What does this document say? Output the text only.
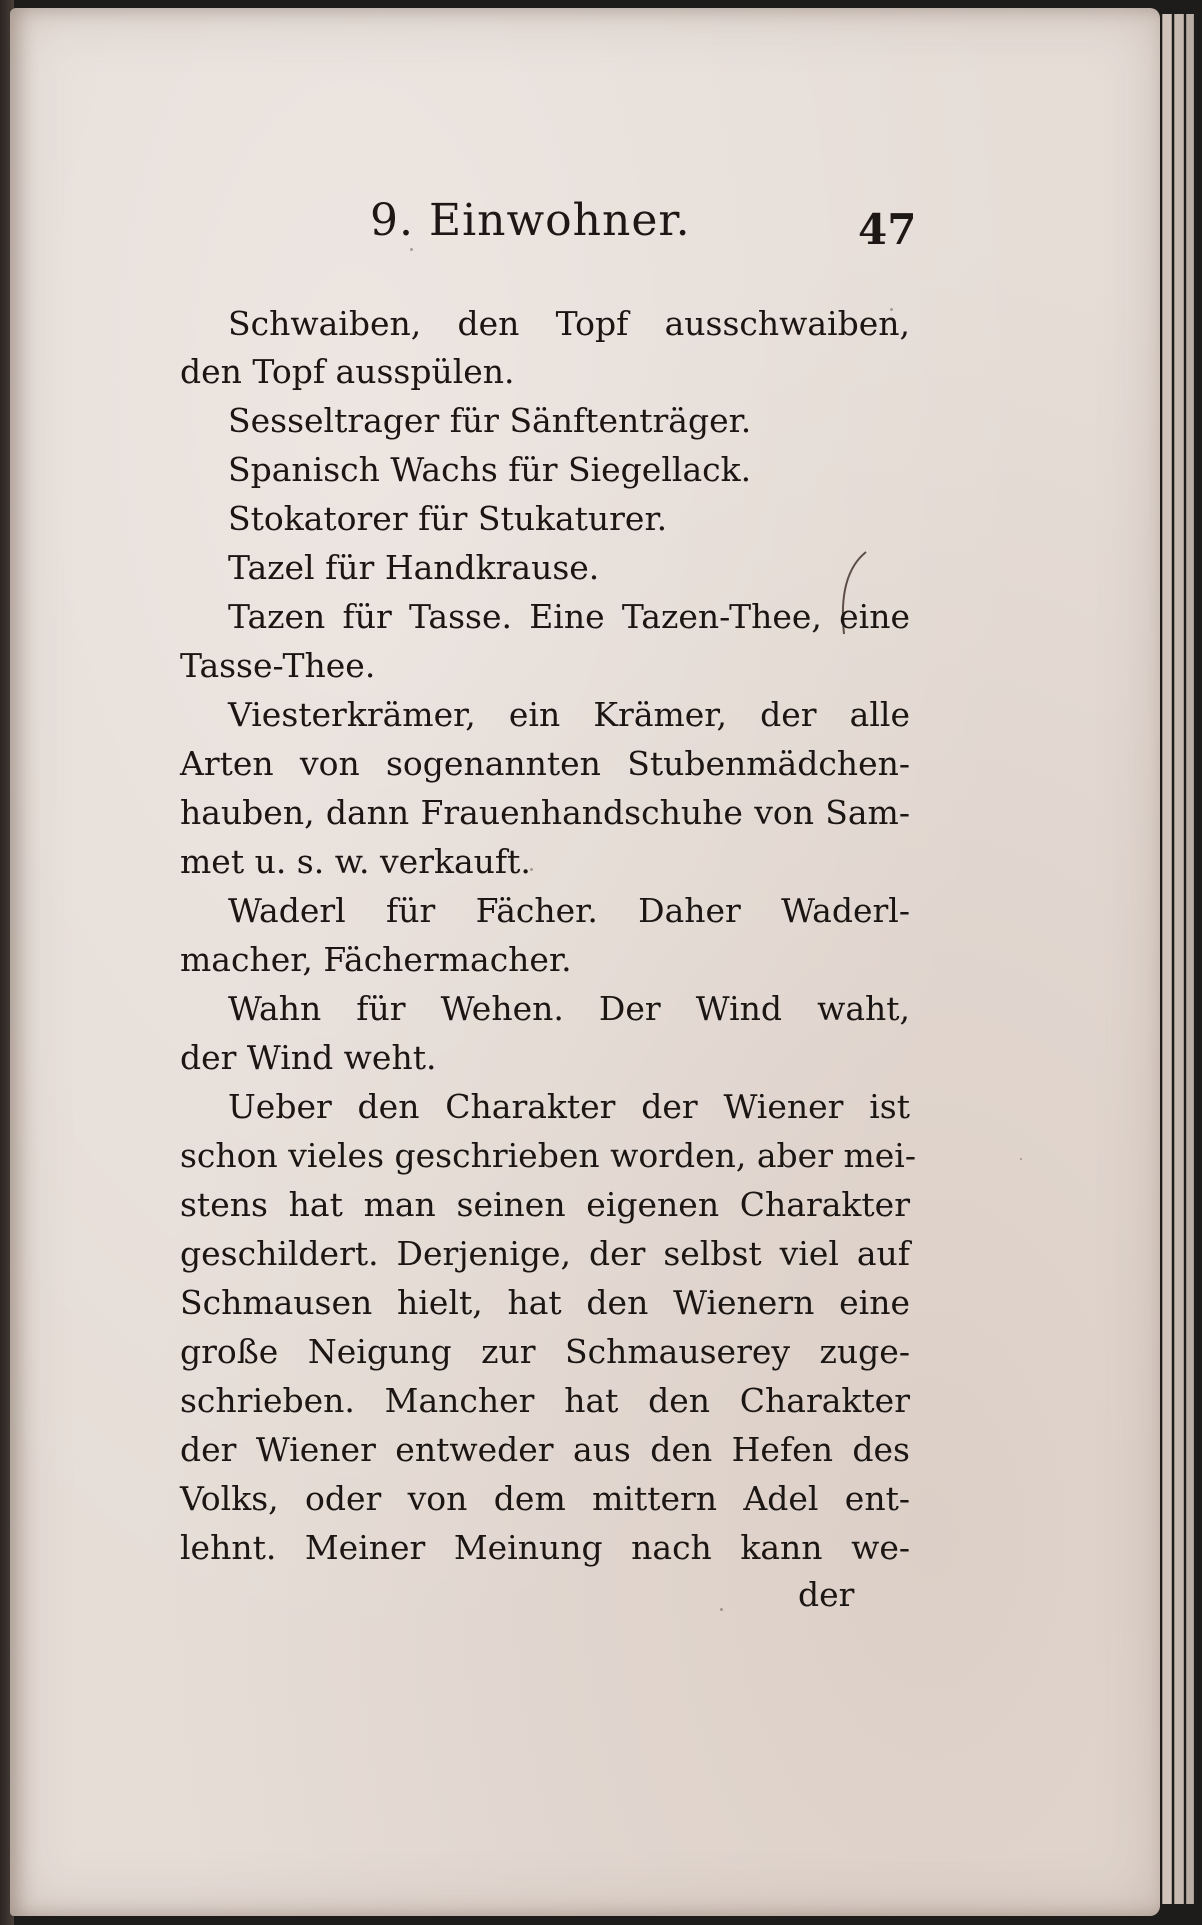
9. Einwohner.	47
Schwaiben, den Topf ausschwaiben,
den Topf ausspülen.
Sesseltrager für Sänftenträger.
Spanisch Wachs für Siegellack.
Stokatorer für Stukaturer.
Tazel für Handkrause.
Tazen für Tasse. Eine Tazen-Thee, eine
Tasse-Thee.
Viesterkrämer, ein Krämer, der alle
Arten von sogenannten Stubenmädchen-
hauben, dann Frauenhandschuhe von Sam-
met u. s. w. verkauft.
Waderl für Fächer. Daher Waderl-
macher, Fächermacher.
Wahn für Wehen. Der Wind waht,
der Wind weht.
Ueber den Charakter der Wiener ist
schon vieles geschrieben worden, aber mei-
stens hat man seinen eigenen Charakter
geschildert. Derjenige, der selbst viel auf
Schmausen hielt, hat den Wienern eine
große Neigung zur Schmauserey zuge-
schrieben. Mancher hat den Charakter
der Wiener entweder aus den Hefen des
Volks, oder von dem mittern Adel ent-
lehnt. Meiner Meinung nach kann we-
der
